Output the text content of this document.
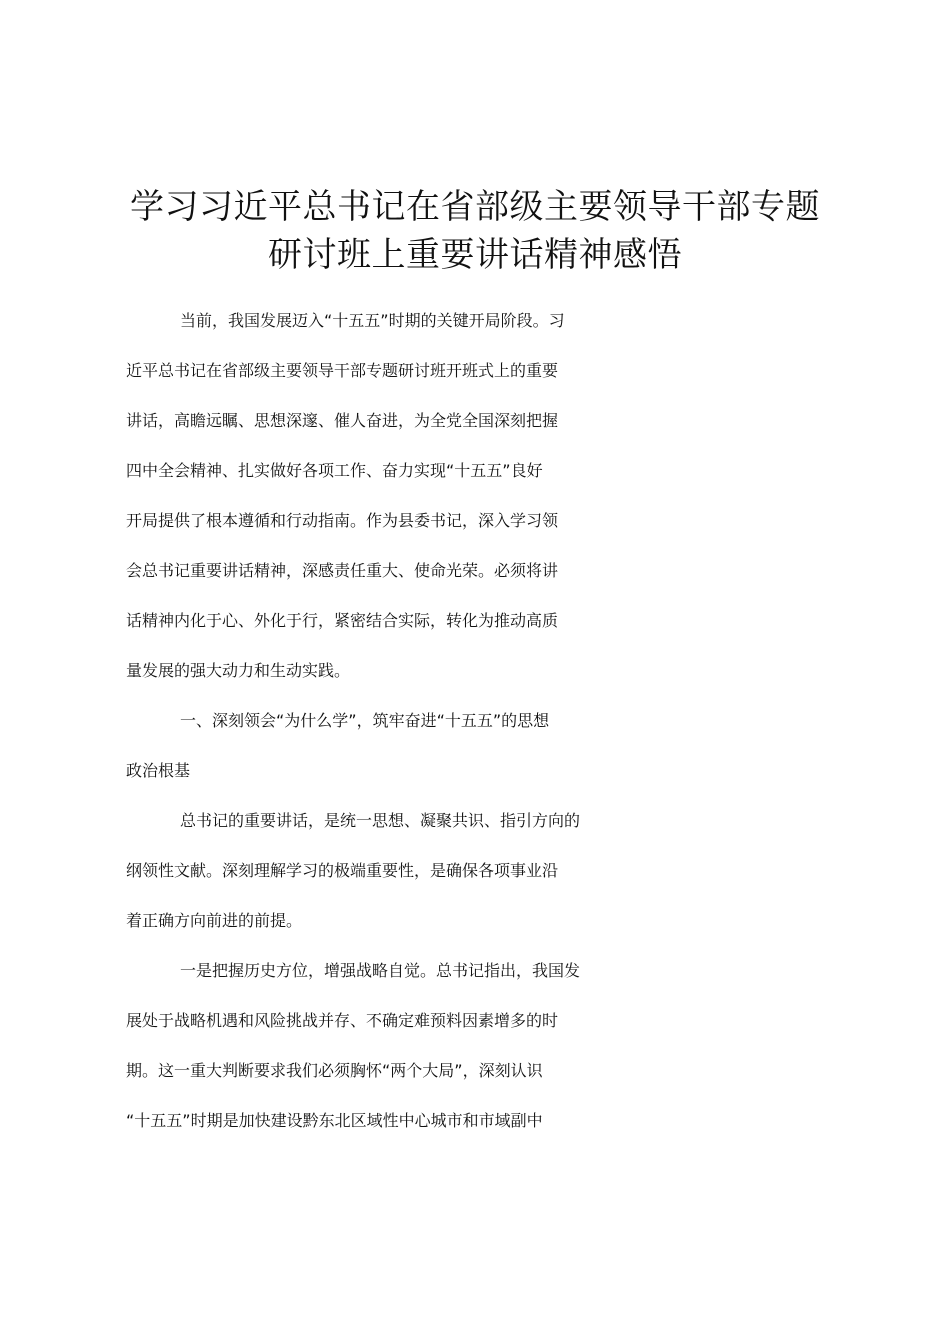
学习习近平总书记在省部级主要领导干部专题
研讨班上重要讲话精神感悟
当前，我国发展迈入“十五五”时期的关键开局阶段。习
近平总书记在省部级主要领导干部专题研讨班开班式上的重要
讲话，高瞻远瞩、思想深邃、催人奋进，为全党全国深刻把握
四中全会精神、扎实做好各项工作、奋力实现“十五五”良好
开局提供了根本遵循和行动指南。作为县委书记，深入学习领
会总书记重要讲话精神，深感责任重大、使命光荣。必须将讲
话精神内化于心、外化于行，紧密结合实际，转化为推动高质
量发展的强大动力和生动实践。
一、深刻领会“为什么学”，筑牢奋进“十五五”的思想
政治根基
总书记的重要讲话，是统一思想、凝聚共识、指引方向的
纲领性文献。深刻理解学习的极端重要性，是确保各项事业沿
着正确方向前进的前提。
一是把握历史方位，增强战略自觉。总书记指出，我国发
展处于战略机遇和风险挑战并存、不确定难预料因素增多的时
期。这一重大判断要求我们必须胸怀“两个大局”，深刻认识
“十五五”时期是加快建设黔东北区域性中心城市和市域副中
